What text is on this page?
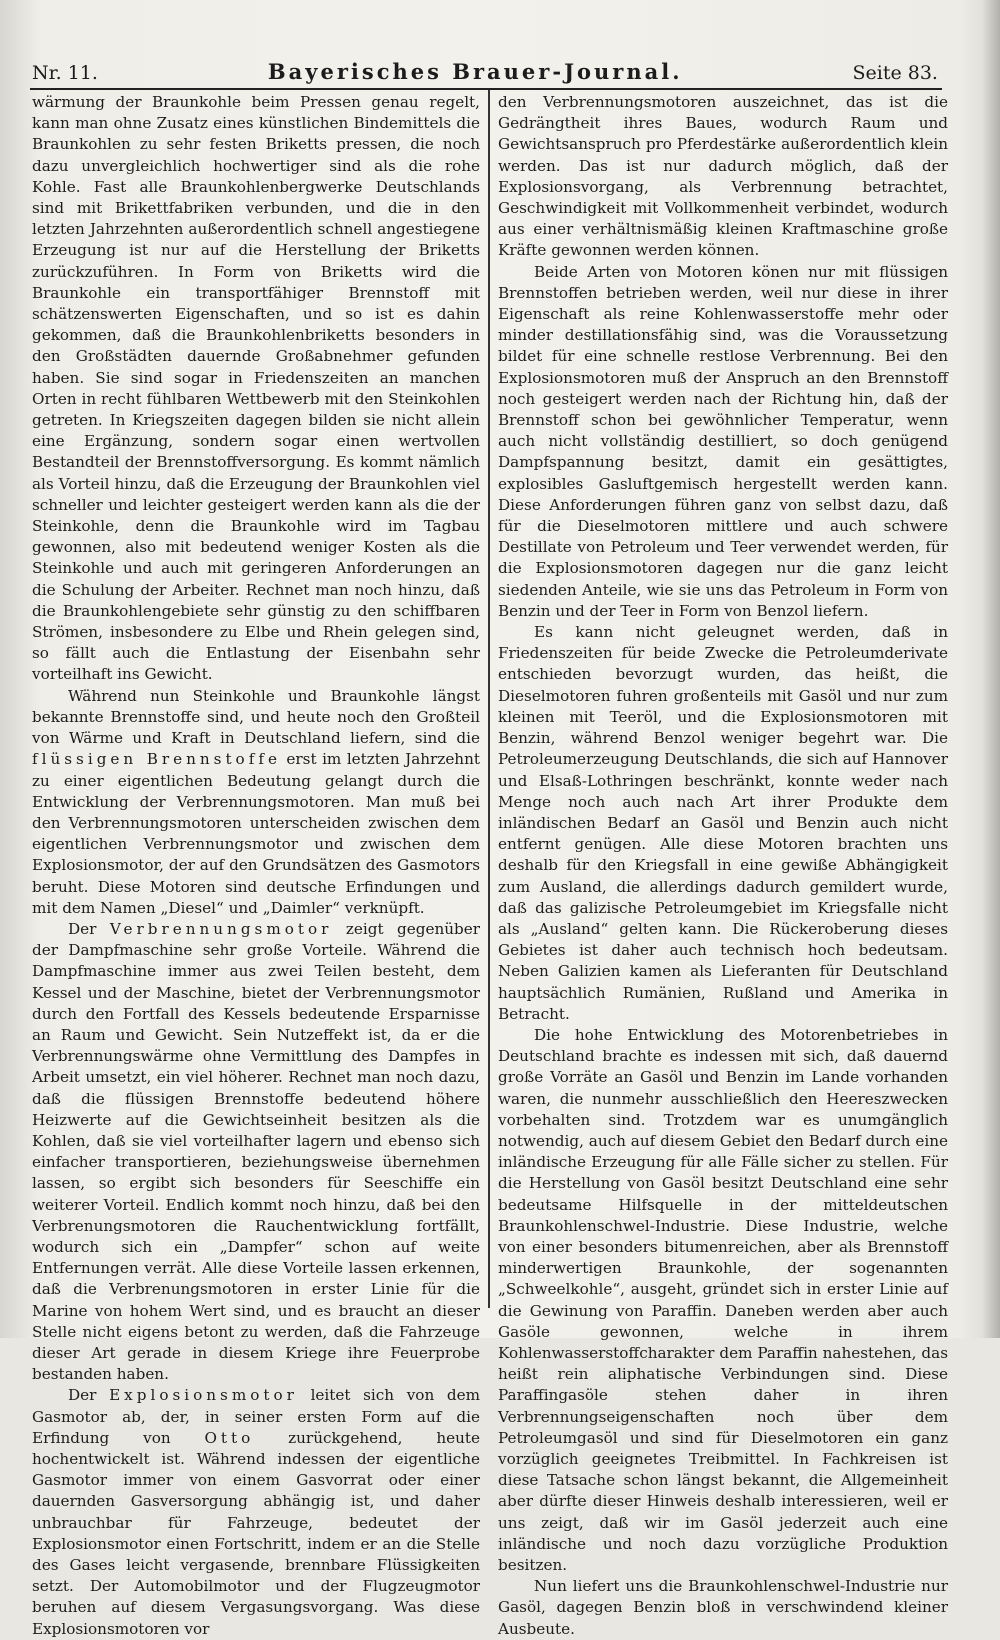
Nr. 11.	Bayerisches Brauer-Journal.	Seite 83.

wärmung der Braunkohle beim Pressen genau regelt, kann man ohne Zusatz eines künstlichen Bindemittels die Braunkohlen zu sehr festen Briketts pressen, die noch dazu unvergleichlich hochwertiger sind als die rohe Kohle. Fast alle Braunkohlenbergwerke Deutschlands sind mit Brikettfabriken verbunden, und die in den letzten Jahrzehnten außerordentlich schnell angestiegene Erzeugung ist nur auf die Herstellung der Briketts zurückzuführen. In Form von Briketts wird die Braunkohle ein transportfähiger Brennstoff mit schätzenswerten Eigenschaften, und so ist es dahin gekommen, daß die Braunkohlenbriketts besonders in den Großstädten dauernde Großabnehmer gefunden haben. Sie sind sogar in Friedenszeiten an manchen Orten in recht fühlbaren Wettbewerb mit den Steinkohlen getreten. In Kriegszeiten dagegen bilden sie nicht allein eine Ergänzung, sondern sogar einen wertvollen Bestandteil der Brennstoffversorgung. Es kommt nämlich als Vorteil hinzu, daß die Erzeugung der Braunkohlen viel schneller und leichter gesteigert werden kann als die der Steinkohle, denn die Braunkohle wird im Tagbau gewonnen, also mit bedeutend weniger Kosten als die Steinkohle und auch mit geringeren Anforderungen an die Schulung der Arbeiter. Rechnet man noch hinzu, daß die Braunkohlengebiete sehr günstig zu den schiffbaren Strömen, insbesondere zu Elbe und Rhein gelegen sind, so fällt auch die Entlastung der Eisenbahn sehr vorteilhaft ins Gewicht.

Während nun Steinkohle und Braunkohle längst bekannte Brennstoffe sind, und heute noch den Großteil von Wärme und Kraft in Deutschland liefern, sind die flüssigen Brennstoffe erst im letzten Jahrzehnt zu einer eigentlichen Bedeutung gelangt durch die Entwicklung der Verbrennungsmotoren. Man muß bei den Verbrennungsmotoren unterscheiden zwischen dem eigentlichen Verbrennungsmotor und zwischen dem Explosionsmotor, der auf den Grundsätzen des Gasmotors beruht. Diese Motoren sind deutsche Erfindungen und mit dem Namen „Diesel“ und „Daimler“ verknüpft.

Der Verbrennungsmotor zeigt gegenüber der Dampfmaschine sehr große Vorteile. Während die Dampfmaschine immer aus zwei Teilen besteht, dem Kessel und der Maschine, bietet der Verbrennungsmotor durch den Fortfall des Kessels bedeutende Ersparnisse an Raum und Gewicht. Sein Nutzeffekt ist, da er die Verbrennungswärme ohne Vermittlung des Dampfes in Arbeit umsetzt, ein viel höherer. Rechnet man noch dazu, daß die flüssigen Brennstoffe bedeutend höhere Heizwerte auf die Gewichtseinheit besitzen als die Kohlen, daß sie viel vorteilhafter lagern und ebenso sich einfacher transportieren, beziehungsweise übernehmen lassen, so ergibt sich besonders für Seeschiffe ein weiterer Vorteil. Endlich kommt noch hinzu, daß bei den Verbrenungsmotoren die Rauchentwicklung fortfällt, wodurch sich ein „Dampfer“ schon auf weite Entfernungen verrät. Alle diese Vorteile lassen erkennen, daß die Verbrenungsmotoren in erster Linie für die Marine von hohem Wert sind, und es braucht an dieser Stelle nicht eigens betont zu werden, daß die Fahrzeuge dieser Art gerade in diesem Kriege ihre Feuerprobe bestanden haben.

Der Explosionsmotor leitet sich von dem Gasmotor ab, der, in seiner ersten Form auf die Erfindung von Otto zurückgehend, heute hochentwickelt ist. Während indessen der eigentliche Gasmotor immer von einem Gasvorrat oder einer dauernden Gasversorgung abhängig ist, und daher unbrauchbar für Fahrzeuge, bedeutet der Explosionsmotor einen Fortschritt, indem er an die Stelle des Gases leicht vergasende, brennbare Flüssigkeiten setzt. Der Automobilmotor und der Flugzeugmotor beruhen auf diesem Vergasungsvorgang. Was diese Explosionsmotoren vor

den Verbrennungsmotoren auszeichnet, das ist die Gedrängtheit ihres Baues, wodurch Raum und Gewichtsanspruch pro Pferdestärke außerordentlich klein werden. Das ist nur dadurch möglich, daß der Explosionsvorgang, als Verbrennung betrachtet, Geschwindigkeit mit Vollkommenheit verbindet, wodurch aus einer verhältnismäßig kleinen Kraftmaschine große Kräfte gewonnen werden können.

Beide Arten von Motoren könen nur mit flüssigen Brennstoffen betrieben werden, weil nur diese in ihrer Eigenschaft als reine Kohlenwasserstoffe mehr oder minder destillationsfähig sind, was die Voraussetzung bildet für eine schnelle restlose Verbrennung. Bei den Explosionsmotoren muß der Anspruch an den Brennstoff noch gesteigert werden nach der Richtung hin, daß der Brennstoff schon bei gewöhnlicher Temperatur, wenn auch nicht vollständig destilliert, so doch genügend Dampfspannung besitzt, damit ein gesättigtes, explosibles Gasluftgemisch hergestellt werden kann. Diese Anforderungen führen ganz von selbst dazu, daß für die Dieselmotoren mittlere und auch schwere Destillate von Petroleum und Teer verwendet werden, für die Explosionsmotoren dagegen nur die ganz leicht siedenden Anteile, wie sie uns das Petroleum in Form von Benzin und der Teer in Form von Benzol liefern.

Es kann nicht geleugnet werden, daß in Friedenszeiten für beide Zwecke die Petroleumderivate entschieden bevorzugt wurden, das heißt, die Dieselmotoren fuhren großenteils mit Gasöl und nur zum kleinen mit Teeröl, und die Explosionsmotoren mit Benzin, während Benzol weniger begehrt war. Die Petroleumerzeugung Deutschlands, die sich auf Hannover und Elsaß-Lothringen beschränkt, konnte weder nach Menge noch auch nach Art ihrer Produkte dem inländischen Bedarf an Gasöl und Benzin auch nicht entfernt genügen. Alle diese Motoren brachten uns deshalb für den Kriegsfall in eine gewiße Abhängigkeit zum Ausland, die allerdings dadurch gemildert wurde, daß das galizische Petroleumgebiet im Kriegsfalle nicht als „Ausland“ gelten kann. Die Rückeroberung dieses Gebietes ist daher auch technisch hoch bedeutsam. Neben Galizien kamen als Lieferanten für Deutschland hauptsächlich Rumänien, Rußland und Amerika in Betracht.

Die hohe Entwicklung des Motorenbetriebes in Deutschland brachte es indessen mit sich, daß dauernd große Vorräte an Gasöl und Benzin im Lande vorhanden waren, die nunmehr ausschließlich den Heereszwecken vorbehalten sind. Trotzdem war es unumgänglich notwendig, auch auf diesem Gebiet den Bedarf durch eine inländische Erzeugung für alle Fälle sicher zu stellen. Für die Herstellung von Gasöl besitzt Deutschland eine sehr bedeutsame Hilfsquelle in der mitteldeutschen Braunkohlenschwel-Industrie. Diese Industrie, welche von einer besonders bitumenreichen, aber als Brennstoff minderwertigen Braunkohle, der sogenannten „Schweelkohle“, ausgeht, gründet sich in erster Linie auf die Gewinung von Paraffin. Daneben werden aber auch Gasöle gewonnen, welche in ihrem Kohlenwasserstoffcharakter dem Paraffin nahestehen, das heißt rein aliphatische Verbindungen sind. Diese Paraffingasöle stehen daher in ihren Verbrennungseigenschaften noch über dem Petroleumgasöl und sind für Dieselmotoren ein ganz vorzüglich geeignetes Treibmittel. In Fachkreisen ist diese Tatsache schon längst bekannt, die Allgemeinheit aber dürfte dieser Hinweis deshalb interessieren, weil er uns zeigt, daß wir im Gasöl jederzeit auch eine inländische und noch dazu vorzügliche Produktion besitzen.

Nun liefert uns die Braunkohlenschwel-Industrie nur Gasöl, dagegen Benzin bloß in verschwindend kleiner Ausbeute.
